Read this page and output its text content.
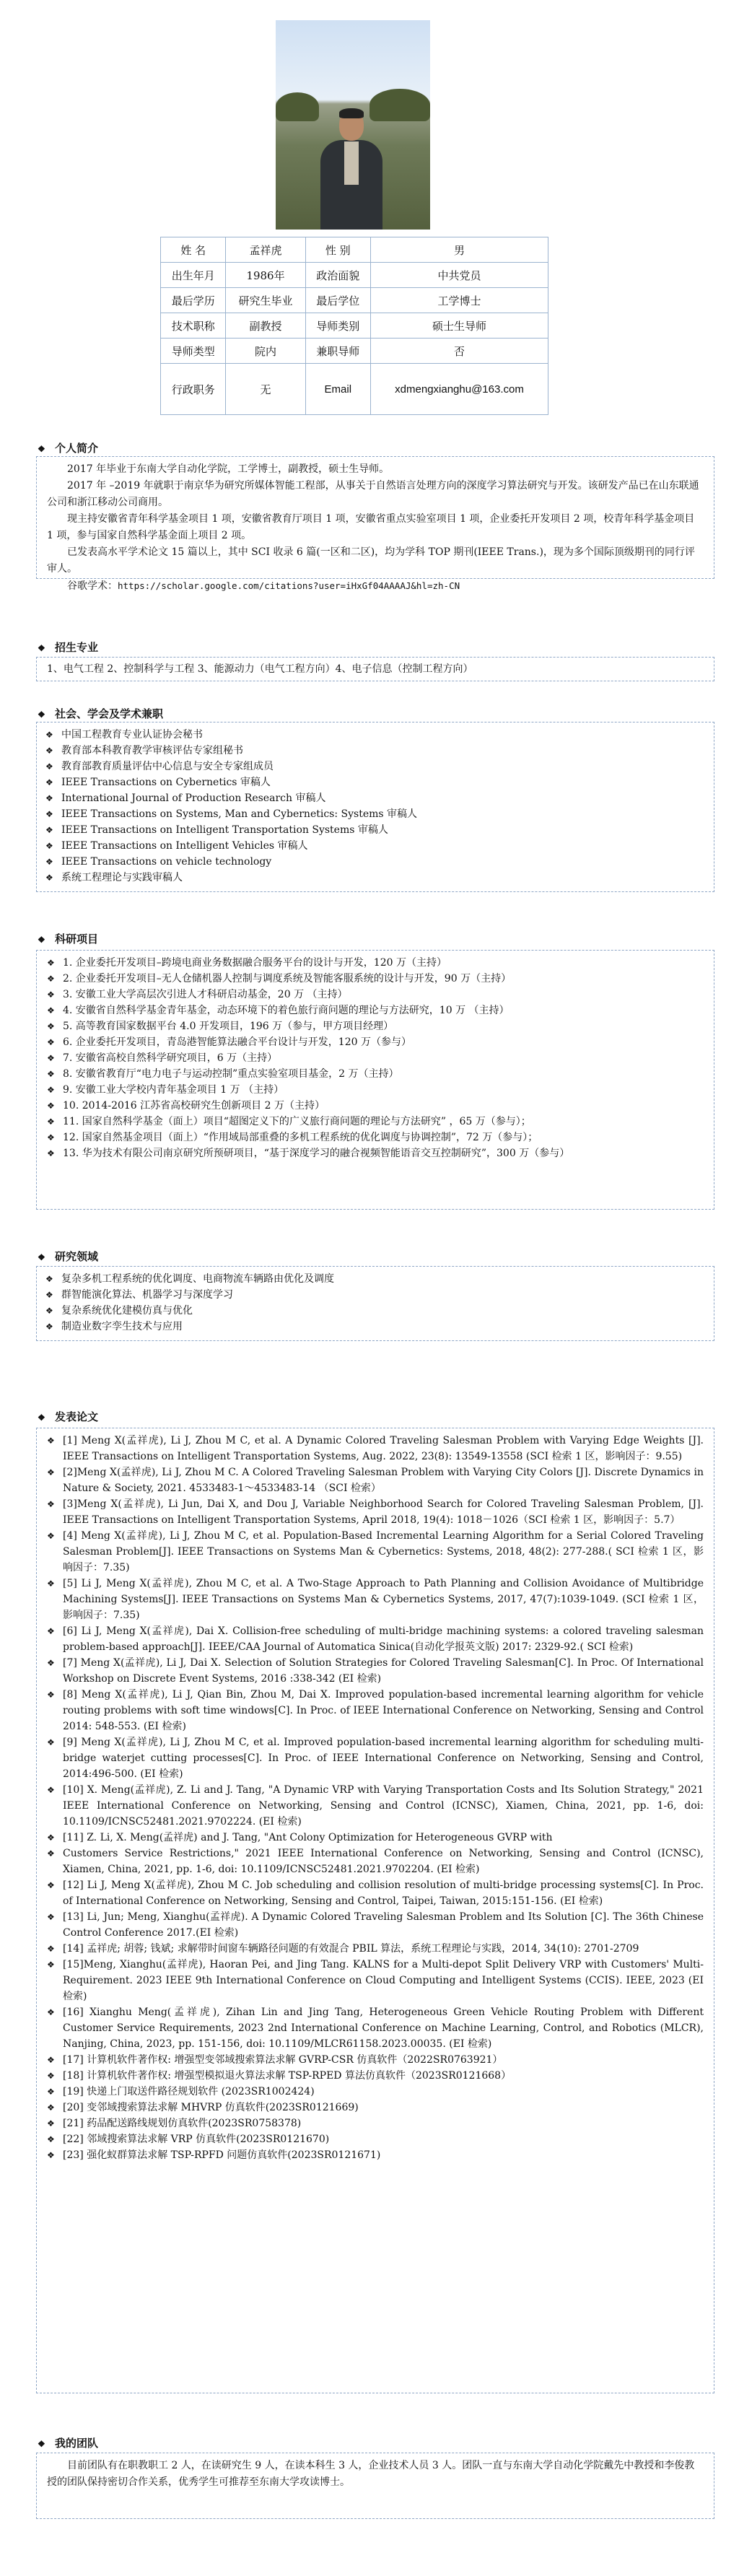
姓 名	孟祥虎	性 别	男
出生年月	1986年	政治面貌	中共党员
最后学历	研究生毕业	最后学位	工学博士
技术职称	副教授	导师类别	硕士生导师
导师类型	院内	兼职导师	否
行政职务	无	Email	xdmengxianghu@163.com
❖ 个人简介

2017 年毕业于东南大学自动化学院，工学博士，副教授，硕士生导师。

2017 年 –2019 年就职于南京华为研究所媒体智能工程部，从事关于自然语言处理方向的深度学习算法研究与开发。该研发产品已在山东联通公司和浙江移动公司商用。

现主持安徽省青年科学基金项目 1 项，安徽省教育厅项目 1 项，安徽省重点实验室项目 1 项，企业委托开发项目 2 项，校青年科学基金项目 1 项，参与国家自然科学基金面上项目 2 项。

已发表高水平学术论文 15 篇以上，其中 SCI 收录 6 篇(一区和二区)，均为学科 TOP 期刊(IEEE Trans.)，现为多个国际顶级期刊的同行评审人。

谷歌学术：https://scholar.google.com/citations?user=iHxGf04AAAAJ&hl=zh-CN

❖ 招生专业
1、电气工程 2、控制科学与工程 3、能源动力（电气工程方向）4、电子信息（控制工程方向）
❖ 社会、学会及学术兼职
❖ 中国工程教育专业认证协会秘书
❖ 教育部本科教育教学审核评估专家组秘书
❖ 教育部教育质量评估中心信息与安全专家组成员
❖ IEEE Transactions on Cybernetics 审稿人
❖ International Journal of Production Research 审稿人
❖ IEEE Transactions on Systems, Man and Cybernetics: Systems 审稿人
❖ IEEE Transactions on Intelligent Transportation Systems 审稿人
❖ IEEE Transactions on Intelligent Vehicles 审稿人
❖ IEEE Transactions on vehicle technology
❖ 系统工程理论与实践审稿人
❖ 科研项目
❖ 1. 企业委托开发项目–跨境电商业务数据融合服务平台的设计与开发，120 万（主持）
❖ 2. 企业委托开发项目–无人仓储机器人控制与调度系统及智能客服系统的设计与开发，90 万（主持）
❖ 3. 安徽工业大学高层次引进人才科研启动基金，20 万 （主持）
❖ 4. 安徽省自然科学基金青年基金，动态环境下的着色旅行商问题的理论与方法研究，10 万 （主持）
❖ 5. 高等教育国家数据平台 4.0 开发项目，196 万（参与，甲方项目经理）
❖ 6. 企业委托开发项目，青岛港智能算法融合平台设计与开发，120 万（参与）
❖ 7. 安徽省高校自然科学研究项目，6 万（主持）
❖ 8. 安徽省教育厅“电力电子与运动控制”重点实验室项目基金，2 万（主持）
❖ 9. 安徽工业大学校内青年基金项目 1 万 （主持）
❖ 10. 2014-2016 江苏省高校研究生创新项目 2 万（主持）
❖ 11. 国家自然科学基金（面上）项目“超图定义下的广义旅行商问题的理论与方法研究” ，65 万（参与）；
❖ 12. 国家自然基金项目（面上）“作用域局部重叠的多机工程系统的优化调度与协调控制”，72 万（参与）；
❖ 13. 华为技术有限公司南京研究所预研项目，“基于深度学习的融合视频智能语音交互控制研究”，300 万（参与）
❖ 研究领域
❖ 复杂多机工程系统的优化调度、电商物流车辆路由优化及调度
❖ 群智能演化算法、机器学习与深度学习
❖ 复杂系统优化建模仿真与优化
❖ 制造业数字孪生技术与应用
❖ 发表论文
❖ [1] Meng X(孟祥虎), Li J, Zhou M C, et al. A Dynamic Colored Traveling Salesman Problem with Varying Edge Weights [J]. IEEE Transactions on Intelligent Transportation Systems, Aug. 2022, 23(8): 13549-13558 (SCI 检索 1 区，影响因子：9.55)
❖ [2]Meng X(孟祥虎), Li J, Zhou M C. A Colored Traveling Salesman Problem with Varying City Colors [J]. Discrete Dynamics in Nature & Society, 2021. 4533483-1～4533483-14 （SCI 检索）
❖ [3]Meng X(孟祥虎), Li Jun, Dai X, and Dou J, Variable Neighborhood Search for Colored Traveling Salesman Problem, [J]. IEEE Transactions on Intelligent Transportation Systems, April 2018, 19(4): 1018－1026（SCI 检索 1 区，影响因子：5.7）
❖ [4] Meng X(孟祥虎), Li J, Zhou M C, et al. Population-Based Incremental Learning Algorithm for a Serial Colored Traveling Salesman Problem[J]. IEEE Transactions on Systems Man & Cybernetics: Systems, 2018, 48(2): 277-288.( SCI 检索 1 区，影响因子：7.35)
❖ [5] Li J, Meng X(孟祥虎), Zhou M C, et al. A Two-Stage Approach to Path Planning and Collision Avoidance of Multibridge Machining Systems[J]. IEEE Transactions on Systems Man & Cybernetics Systems, 2017, 47(7):1039-1049. (SCI 检索 1 区，影响因子：7.35)
❖ [6] Li J, Meng X(孟祥虎), Dai X. Collision-free scheduling of multi-bridge machining systems: a colored traveling salesman problem-based approach[J]. IEEE/CAA Journal of Automatica Sinica(自动化学报英文版) 2017: 2329-92.( SCI 检索)
❖ [7] Meng X(孟祥虎), Li J, Dai X. Selection of Solution Strategies for Colored Traveling Salesman[C]. In Proc. Of International Workshop on Discrete Event Systems, 2016 :338-342 (EI 检索)
❖ [8] Meng X(孟祥虎), Li J, Qian Bin, Zhou M, Dai X. Improved population-based incremental learning algorithm for vehicle routing problems with soft time windows[C]. In Proc. of IEEE International Conference on Networking, Sensing and Control 2014: 548-553. (EI 检索)
❖ [9] Meng X(孟祥虎), Li J, Zhou M C, et al. Improved population-based incremental learning algorithm for scheduling multi-bridge waterjet cutting processes[C]. In Proc. of IEEE International Conference on Networking, Sensing and Control, 2014:496-500. (EI 检索)
❖ [10] X. Meng(孟祥虎), Z. Li and J. Tang, "A Dynamic VRP with Varying Transportation Costs and Its Solution Strategy," 2021 IEEE International Conference on Networking, Sensing and Control (ICNSC), Xiamen, China, 2021, pp. 1-6, doi: 10.1109/ICNSC52481.2021.9702224. (EI 检索)
❖ [11] Z. Li, X. Meng(孟祥虎) and J. Tang, "Ant Colony Optimization for Heterogeneous GVRP with
❖ Customers Service Restrictions," 2021 IEEE International Conference on Networking, Sensing and Control (ICNSC), Xiamen, China, 2021, pp. 1-6, doi: 10.1109/ICNSC52481.2021.9702204. (EI 检索)
❖ [12] Li J, Meng X(孟祥虎), Zhou M C. Job scheduling and collision resolution of multi-bridge processing systems[C]. In Proc. of International Conference on Networking, Sensing and Control, Taipei, Taiwan, 2015:151-156. (EI 检索)
❖ [13] Li, Jun; Meng, Xianghu(孟祥虎). A Dynamic Colored Traveling Salesman Problem and Its Solution [C]. The 36th Chinese Control Conference 2017.(EI 检索)
❖ [14] 孟祥虎; 胡蓉; 钱斌; 求解带时间窗车辆路径问题的有效混合 PBIL 算法，系统工程理论与实践，2014, 34(10): 2701-2709
❖ [15]Meng, Xianghu(孟祥虎), Haoran Pei, and Jing Tang. KALNS for a Multi-depot Split Delivery VRP with Customers' Multi-Requirement. 2023 IEEE 9th International Conference on Cloud Computing and Intelligent Systems (CCIS). IEEE, 2023 (EI 检索)
❖ [16] Xianghu Meng(孟祥虎), Zihan Lin and Jing Tang, Heterogeneous Green Vehicle Routing Problem with Different Customer Service Requirements, 2023 2nd International Conference on Machine Learning, Control, and Robotics (MLCR), Nanjing, China, 2023, pp. 151-156, doi: 10.1109/MLCR61158.2023.00035. (EI 检索)
❖ [17] 计算机软件著作权: 增强型变邻域搜索算法求解 GVRP-CSR 仿真软件（2022SR0763921）
❖ [18] 计算机软件著作权: 增强型模拟退火算法求解 TSP-RPED 算法仿真软件（2023SR0121668）
❖ [19] 快递上门取送件路径规划软件 (2023SR1002424)
❖ [20] 变邻域搜索算法求解 MHVRP 仿真软件(2023SR0121669)
❖ [21] 药品配送路线规划仿真软件(2023SR0758378)
❖ [22] 邻域搜索算法求解 VRP 仿真软件(2023SR0121670)
❖ [23] 强化蚁群算法求解 TSP-RPFD 问题仿真软件(2023SR0121671)
❖ 我的团队

目前团队有在职教职工 2 人，在读研究生 9 人，在读本科生 3 人，企业技术人员 3 人。团队一直与东南大学自动化学院戴先中教授和李俊教授的团队保持密切合作关系，优秀学生可推荐至东南大学攻读博士。
